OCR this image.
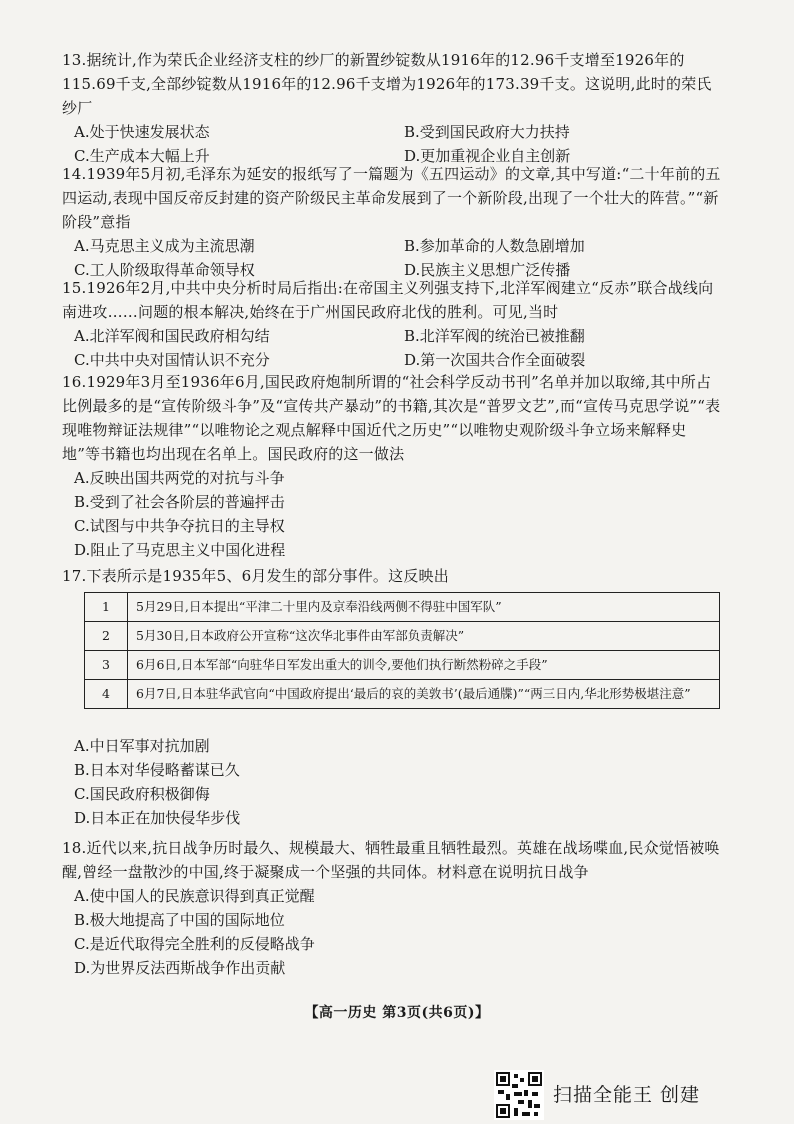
13.据统计,作为荣氏企业经济支柱的纱厂的新置纱锭数从1916年的12.96千支增至1926年的115.69千支,全部纱锭数从1916年的12.96千支增为1926年的173.39千支。这说明,此时的荣氏纱厂

A.处于快速发展状态	B.受到国民政府大力扶持
C.生产成本大幅上升	D.更加重视企业自主创新

14.1939年5月初,毛泽东为延安的报纸写了一篇题为《五四运动》的文章,其中写道:“二十年前的五四运动,表现中国反帝反封建的资产阶级民主革命发展到了一个新阶段,出现了一个壮大的阵营。”“新阶段”意指

A.马克思主义成为主流思潮	B.参加革命的人数急剧增加
C.工人阶级取得革命领导权	D.民族主义思想广泛传播

15.1926年2月,中共中央分析时局后指出:在帝国主义列强支持下,北洋军阀建立“反赤”联合战线向南进攻……问题的根本解决,始终在于广州国民政府北伐的胜利。可见,当时

A.北洋军阀和国民政府相勾结	B.北洋军阀的统治已被推翻
C.中共中央对国情认识不充分	D.第一次国共合作全面破裂

16.1929年3月至1936年6月,国民政府炮制所谓的“社会科学反动书刊”名单并加以取缔,其中所占比例最多的是“宣传阶级斗争”及“宣传共产暴动”的书籍,其次是“普罗文艺”,而“宣传马克思学说”“表现唯物辩证法规律”“以唯物论之观点解释中国近代之历史”“以唯物史观阶级斗争立场来解释史地”等书籍也均出现在名单上。国民政府的这一做法

A.反映出国共两党的对抗与斗争
B.受到了社会各阶层的普遍抨击
C.试图与中共争夺抗日的主导权
D.阻止了马克思主义中国化进程

17.下表所示是1935年5、6月发生的部分事件。这反映出

1	5月29日,日本提出“平津二十里内及京奉沿线两侧不得驻中国军队”
2	5月30日,日本政府公开宣称“这次华北事件由军部负责解决”
3	6月6日,日本军部“向驻华日军发出重大的训令,要他们执行断然粉碎之手段”
4	6月7日,日本驻华武官向“中国政府提出‘最后的哀的美敦书’(最后通牒)”“两三日内,华北形势极堪注意”
A.中日军事对抗加剧
B.日本对华侵略蓄谋已久
C.国民政府积极御侮
D.日本正在加快侵华步伐

18.近代以来,抗日战争历时最久、规模最大、牺牲最重且牺牲最烈。英雄在战场喋血,民众觉悟被唤醒,曾经一盘散沙的中国,终于凝聚成一个坚强的共同体。材料意在说明抗日战争

A.使中国人的民族意识得到真正觉醒
B.极大地提高了中国的国际地位
C.是近代取得完全胜利的反侵略战争
D.为世界反法西斯战争作出贡献
【高一历史 第3页(共6页)】
扫描全能王 创建
